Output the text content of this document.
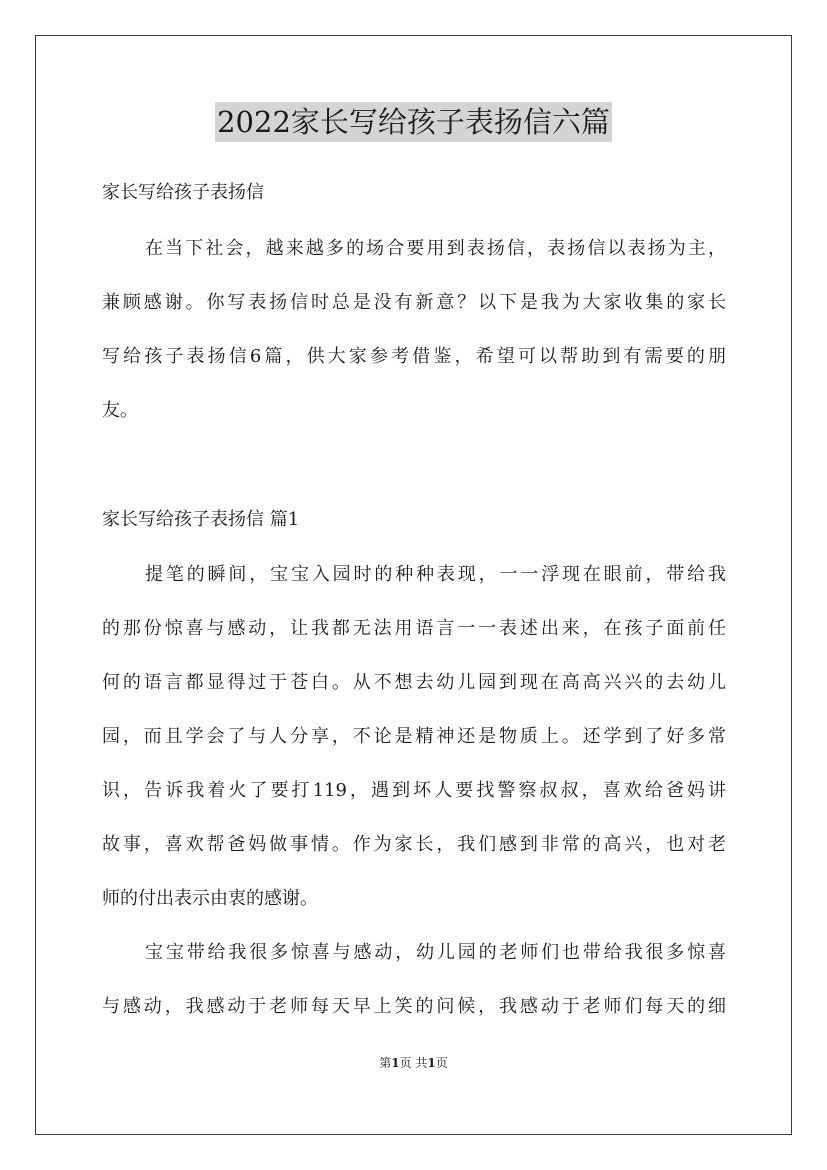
2022家长写给孩子表扬信六篇

家长写给孩子表扬信

在当下社会，越来越多的场合要用到表扬信，表扬信以表扬为主，

兼顾感谢。你写表扬信时总是没有新意？以下是我为大家收集的家长

写给孩子表扬信6篇，供大家参考借鉴，希望可以帮助到有需要的朋

友。

家长写给孩子表扬信 篇1

提笔的瞬间，宝宝入园时的种种表现，一一浮现在眼前，带给我

的那份惊喜与感动，让我都无法用语言一一表述出来，在孩子面前任

何的语言都显得过于苍白。从不想去幼儿园到现在高高兴兴的去幼儿

园，而且学会了与人分享，不论是精神还是物质上。还学到了好多常

识，告诉我着火了要打119，遇到坏人要找警察叔叔，喜欢给爸妈讲

故事，喜欢帮爸妈做事情。作为家长，我们感到非常的高兴，也对老

师的付出表示由衷的感谢。

宝宝带给我很多惊喜与感动，幼儿园的老师们也带给我很多惊喜

与感动，我感动于老师每天早上笑的问候，我感动于老师们每天的细

第1页 共1页
